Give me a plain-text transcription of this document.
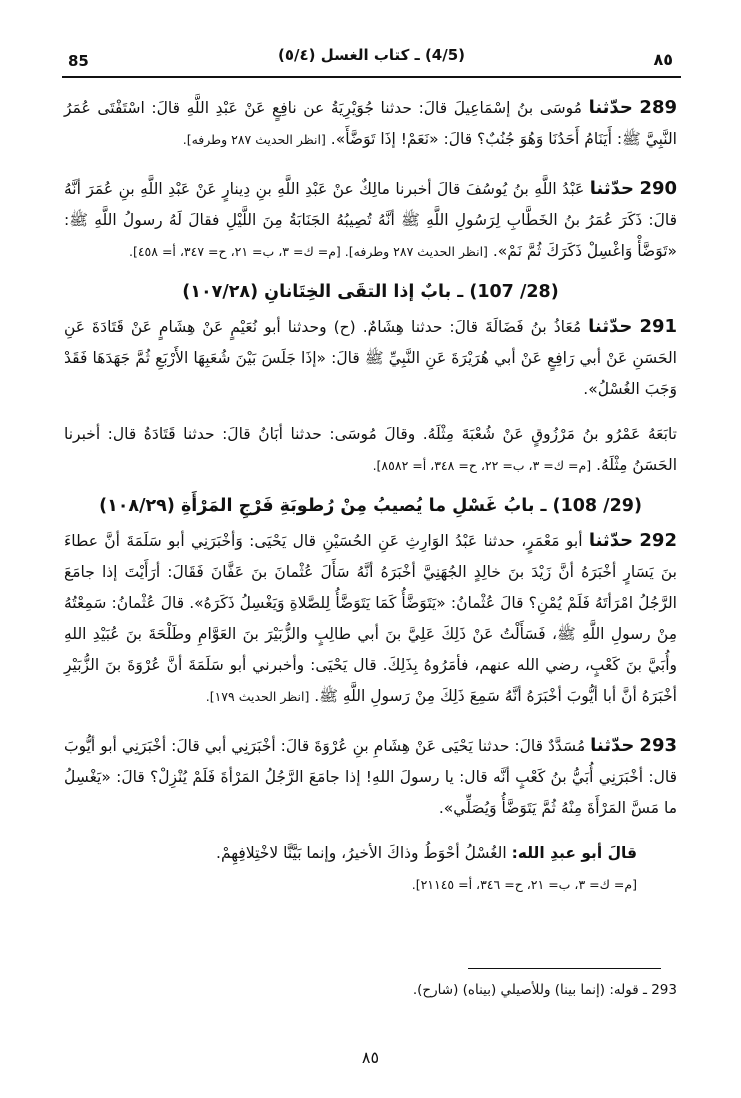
85	(4/5) ـ كتاب الغسل (٥/٤)	٨٥

289 حدّثنا مُوسَى بنُ إسْمَاعِيلَ قالَ: حدثنا جُوَيْرِيَةُ عن نافِعٍ عَنْ عَبْدِ اللَّهِ قالَ: اسْتَفْتَى عُمَرُ النَّبِيَّ ﷺ: أَيَنَامُ أَحَدُنَا وَهُوَ جُنُبٌ؟ قالَ: «نَعَمْ! إذَا تَوَضَّأَ». [انظر الحديث ٢٨٧ وطرفه].

290 حدّثنا عَبْدُ اللَّهِ بنُ يُوسُفَ قالَ أخبرنا مالِكٌ عنْ عَبْدِ اللَّهِ بنِ دِينارٍ عَنْ عَبْدِ اللَّهِ بنِ عُمَرَ أنَّهُ قالَ: ذَكَرَ عُمَرُ بنُ الخَطَّابِ لِرَسُولِ اللَّهِ ﷺ أنَّهُ تُصِيبُهُ الجَنَابَةُ مِنَ اللَّيْلِ فقالَ لَهُ رسولُ اللَّهِ ﷺ: «تَوَضَّأْ وَاغْسِلْ ذَكَرَكَ ثُمَّ نَمْ». [انظر الحديث ٢٨٧ وطرفه]. [م= ك= ٣، ب= ٢١، ح= ٣٤٧، أ= ٤٥٨].

(28/ 107) ـ بابٌ إذا التقَى الخِتَانانِ (١٠٧/٢٨)

291 حدّثنا مُعَاذُ بنُ فَضَالَةَ قالَ: حدثنا هِشَامٌ. (ح) وحدثنا أبو نُعَيْمٍ عَنْ هِشَامٍ عَنْ قَتَادَةَ عَنِ الحَسَنِ عَنْ أبي رَافِعٍ عَنْ أبي هُرَيْرَةَ عَنِ النَّبِيِّ ﷺ قالَ: «إذَا جَلَسَ بَيْنَ شُعَبِهَا الأَرْبَعِ ثُمَّ جَهَدَهَا فَقَدْ وَجَبَ الغُسْلُ».

تابَعَهُ عَمْرُو بنُ مَرْزُوقٍ عَنْ شُعْبَةَ مِثْلَهُ. وقالَ مُوسَى: حدثنا أبَانُ قالَ: حدثنا قَتَادَةُ قال: أخبرنا الحَسَنُ مِثْلَهُ. [م= ك= ٣، ب= ٢٢، ح= ٣٤٨، أ= ٨٥٨٢].

(29/ 108) ـ بابُ غَسْلِ ما يُصيبُ مِنْ رُطوبَةِ فَرْجِ المَرْأَةِ (١٠٨/٢٩)

292 حدّثنا أبو مَعْمَرٍ، حدثنا عَبْدُ الوَارِثِ عَنِ الحُسَيْنِ قال يَحْيَى: وَأخْبَرَنِي أبو سَلَمَةَ أنَّ عطاءَ بنَ يَسَارٍ أخْبَرَهُ أنَّ زَيْدَ بنَ خالِدٍ الجُهَنِيَّ أخْبَرَهُ أنَّهُ سَأَلَ عُثْمانَ بنَ عَفَّانَ فَقَالَ: أرَأَيْتَ إذا جامَعَ الرَّجُلُ امْرَأتَهُ فَلَمْ يُمْنِ؟ قالَ عُثْمانُ: «يَتَوَضَّأُ كَمَا يَتَوَضَّأُ لِلصَّلاةِ وَيَغْسِلُ ذَكَرَهُ». قالَ عُثْمانُ: سَمِعْتُهُ مِنْ رسولِ اللَّهِ ﷺ، فَسَأَلْتُ عَنْ ذَلِكَ عَلِيَّ بنَ أبي طالِبٍ والزُّبَيْرَ بنَ العَوَّامِ وطَلْحَةَ بنَ عُبَيْدِ اللهِ وأُبَيَّ بنَ كَعْبٍ، رضي الله عنهم، فأمَرُوهُ بِذَلِكَ. قال يَحْيَى: وأخبرني أبو سَلَمَةَ أنَّ عُرْوَةَ بنَ الزُّبَيْرِ أخْبَرَهُ أنَّ أبا أيُّوبَ أخْبَرَهُ أنَّهُ سَمِعَ ذَلِكَ مِنْ رَسولِ اللَّهِ ﷺ. [انظر الحديث ١٧٩].

293 حدّثنا مُسَدَّدٌ قالَ: حدثنا يَحْيَى عَنْ هِشَامِ بنِ عُرْوَةَ قالَ: أخْبَرَنِي أبي قالَ: أخْبَرَنِي أبو أيُّوبَ قال: أخْبَرَنِي أُبَيُّ بنُ كَعْبٍ أنَّه قال: يا رسولَ اللهِ! إذا جامَعَ الرَّجُلُ المَرْأةَ فَلَمْ يُنْزِلْ؟ قالَ: «يَغْسِلُ ما مَسَّ المَرْأَةَ مِنْهُ ثُمَّ يَتَوَضَّأُ وَيُصَلِّي».

قالَ أبو عبدِ الله: الغُسْلُ أحْوَطُ وذاكَ الأخيرُ، وإنما بَيَّنَّا لاخْتِلافِهِمْ.
[م= ك= ٣، ب= ٢١، ح= ٣٤٦، أ= ٢١١٤٥].

293 ـ قوله: (إنما بينا) وللأصيلي (بيناه) (شارح).
٨٥
